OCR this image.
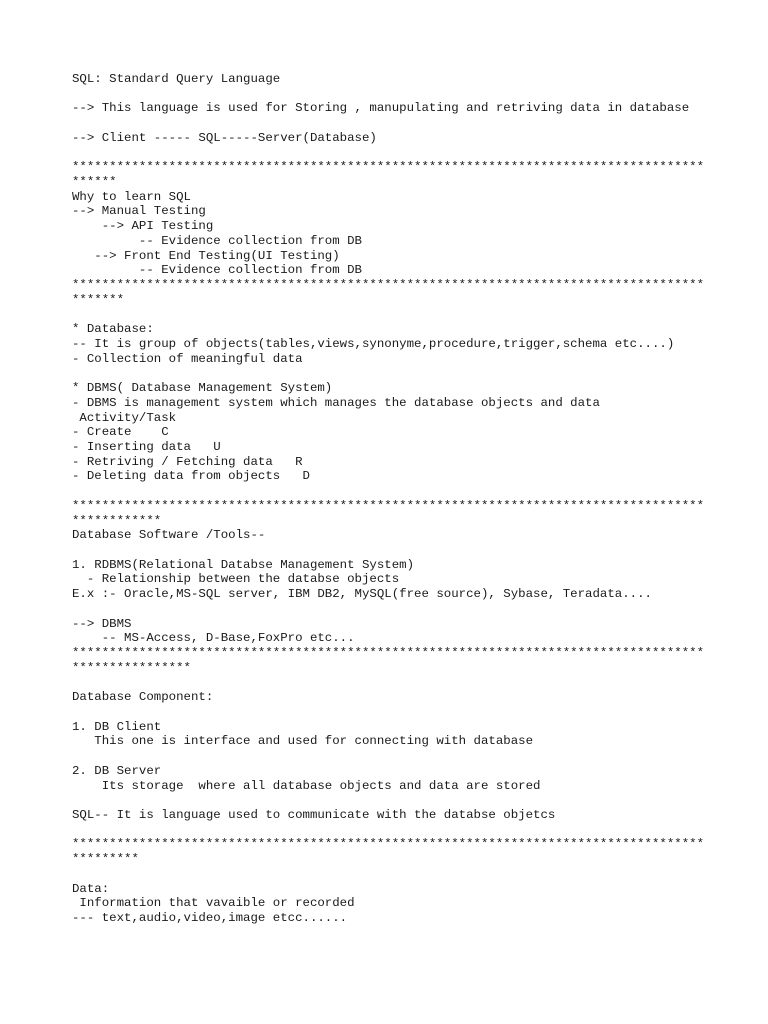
SQL: Standard Query Language
--> This language is used for Storing , manupulating and retriving data in database
--> Client ----- SQL-----Server(Database)
*************************************************************************************
******
Why to learn SQL
--> Manual Testing
--> API Testing
-- Evidence collection from DB
--> Front End Testing(UI Testing)
-- Evidence collection from DB
*************************************************************************************
*******
* Database:
-- It is group of objects(tables,views,synonyme,procedure,trigger,schema etc....)
- Collection of meaningful data
* DBMS( Database Management System)
- DBMS is management system which manages the database objects and data
Activity/Task
- Create    C
- Inserting data   U
- Retriving / Fetching data   R
- Deleting data from objects   D
*************************************************************************************
************
Database Software /Tools--
1. RDBMS(Relational Databse Management System)
- Relationship between the databse objects
E.x :- Oracle,MS-SQL server, IBM DB2, MySQL(free source), Sybase, Teradata....
--> DBMS
-- MS-Access, D-Base,FoxPro etc...
*************************************************************************************
****************
Database Component:
1. DB Client
This one is interface and used for connecting with database
2. DB Server
Its storage  where all database objects and data are stored
SQL-- It is language used to communicate with the databse objetcs
*************************************************************************************
*********
Data:
Information that vavaible or recorded
--- text,audio,video,image etcc......
